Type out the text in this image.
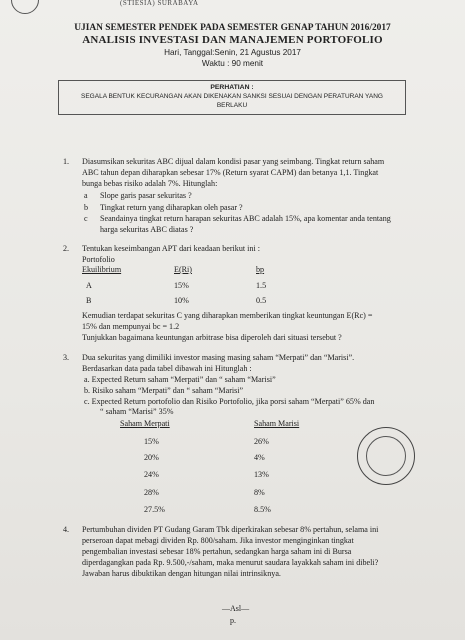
(STIESIA) SURABAYA
UJIAN SEMESTER PENDEK PADA SEMESTER GENAP TAHUN 2016/2017
ANALISIS INVESTASI DAN MANAJEMEN PORTOFOLIO
Hari, Tanggal:Senin, 21 Agustus 2017
Waktu : 90 menit
PERHATIAN :
SEGALA BENTUK KECURANGAN AKAN DIKENAKAN SANKSI SESUAI DENGAN PERATURAN YANG BERLAKU
1. Diasumsikan sekuritas ABC dijual dalam kondisi pasar yang seimbang. Tingkat return saham
ABC tahun depan diharapkan sebesar 17% (Return syarat CAPM) dan betanya 1,1. Tingkat
bunga bebas risiko adalah 7%. Hitunglah:
a Slope garis pasar sekuritas ?
b Tingkat return yang diharapkan oleh pasar ?
c Seandainya tingkat return harapan sekuritas ABC adalah 15%, apa komentar anda tentang
harga sekuritas ABC diatas ?
2. Tentukan keseimbangan APT dari keadaan berikut ini :
Portofolio
Ekuilibrium	E(Ri)	bp
A	15%	1.5
B	10%	0.5
Kemudian terdapat sekuritas C yang diharapkan memberikan tingkat keuntungan E(Rc) =
15% dan mempunyai bc = 1.2
Tunjukkan bagaimana keuntungan arbitrase bisa diperoleh dari situasi tersebut ?
3. Dua sekuritas yang dimiliki investor masing masing saham “Merpati” dan “Marisi”.
Berdasarkan data pada tabel dibawah ini Hitunglah :
a. Expected Return saham “Merpati” dan “ saham “Marisi”
b. Risiko saham “Merpati” dan “ saham “Marisi”
c. Expected Return portofolio dan Risiko Portofolio, jika porsi saham “Merpati” 65% dan
“ saham “Marisi” 35%
Saham Merpati	Saham Marisi
15%	26%
20%	4%
24%	13%
28%	8%
27.5%	8.5%
4. Pertumbuhan dividen PT Gudang Garam Tbk diperkirakan sebesar 8% pertahun, selama ini
perseroan dapat mebagi dividen Rp. 800/saham. Jika investor menginginkan tingkat
pengembalian investasi sebesar 18% pertahun, sedangkan harga saham ini di Bursa
diperdagangkan pada Rp. 9.500,-/saham, maka menurut saudara layakkah saham ini dibeli?
Jawaban harus dibuktikan dengan hitungan nilai intrinsiknya.
—Asl—
p.
